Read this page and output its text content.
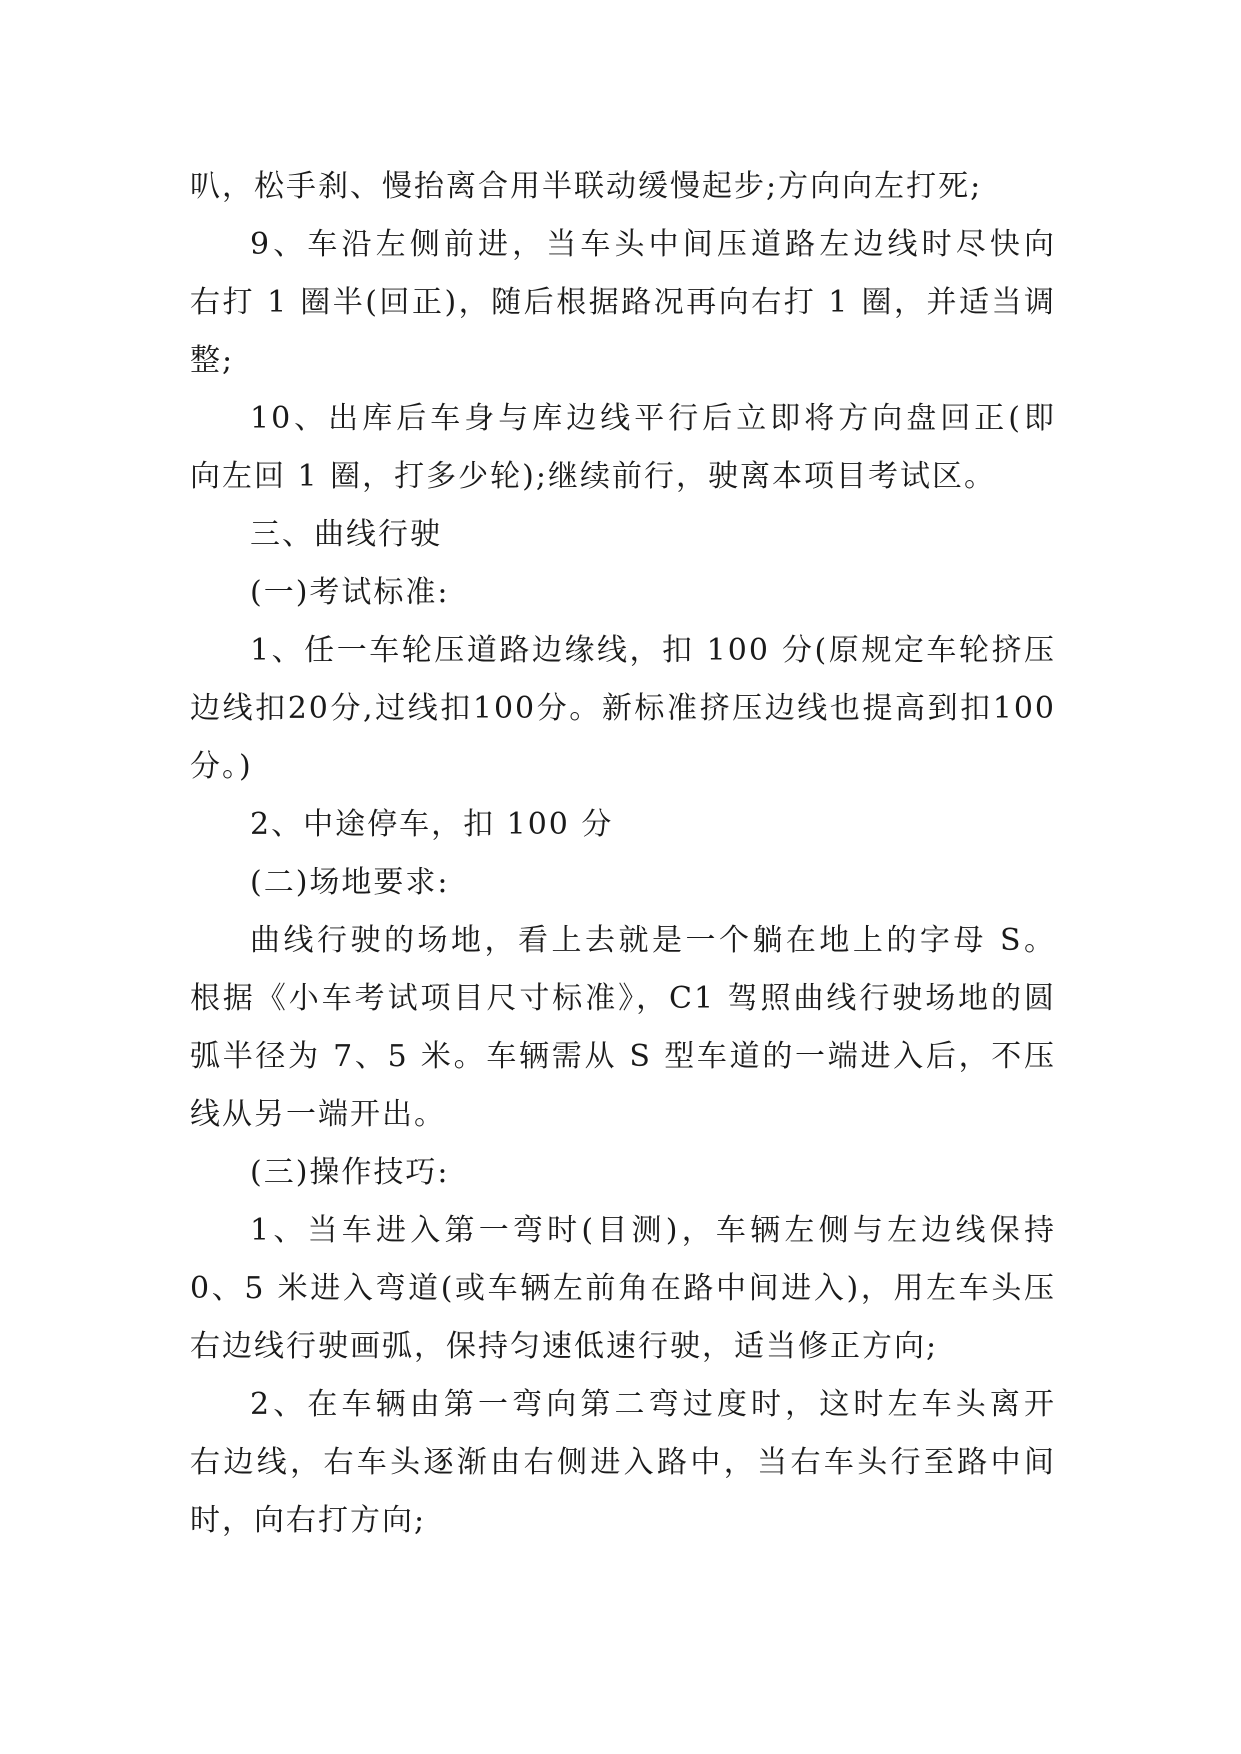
叭，松手刹、慢抬离合用半联动缓慢起步;方向向左打死;
9、车沿左侧前进，当车头中间压道路左边线时尽快向
右打 1 圈半(回正)，随后根据路况再向右打 1 圈，并适当调
整;
10、出库后车身与库边线平行后立即将方向盘回正(即
向左回 1 圈，打多少轮);继续前行，驶离本项目考试区。
三、曲线行驶
(一)考试标准:
1、任一车轮压道路边缘线，扣 100 分(原规定车轮挤压
边线扣20分,过线扣100分。新标准挤压边线也提高到扣100
分。)
2、中途停车，扣 100 分
(二)场地要求:
曲线行驶的场地，看上去就是一个躺在地上的字母 S。
根据《小车考试项目尺寸标准》，C1 驾照曲线行驶场地的圆
弧半径为 7、5 米。车辆需从 S 型车道的一端进入后，不压
线从另一端开出。
(三)操作技巧:
1、当车进入第一弯时(目测)，车辆左侧与左边线保持
0、5 米进入弯道(或车辆左前角在路中间进入)，用左车头压
右边线行驶画弧，保持匀速低速行驶，适当修正方向;
2、在车辆由第一弯向第二弯过度时，这时左车头离开
右边线，右车头逐渐由右侧进入路中，当右车头行至路中间
时，向右打方向;
